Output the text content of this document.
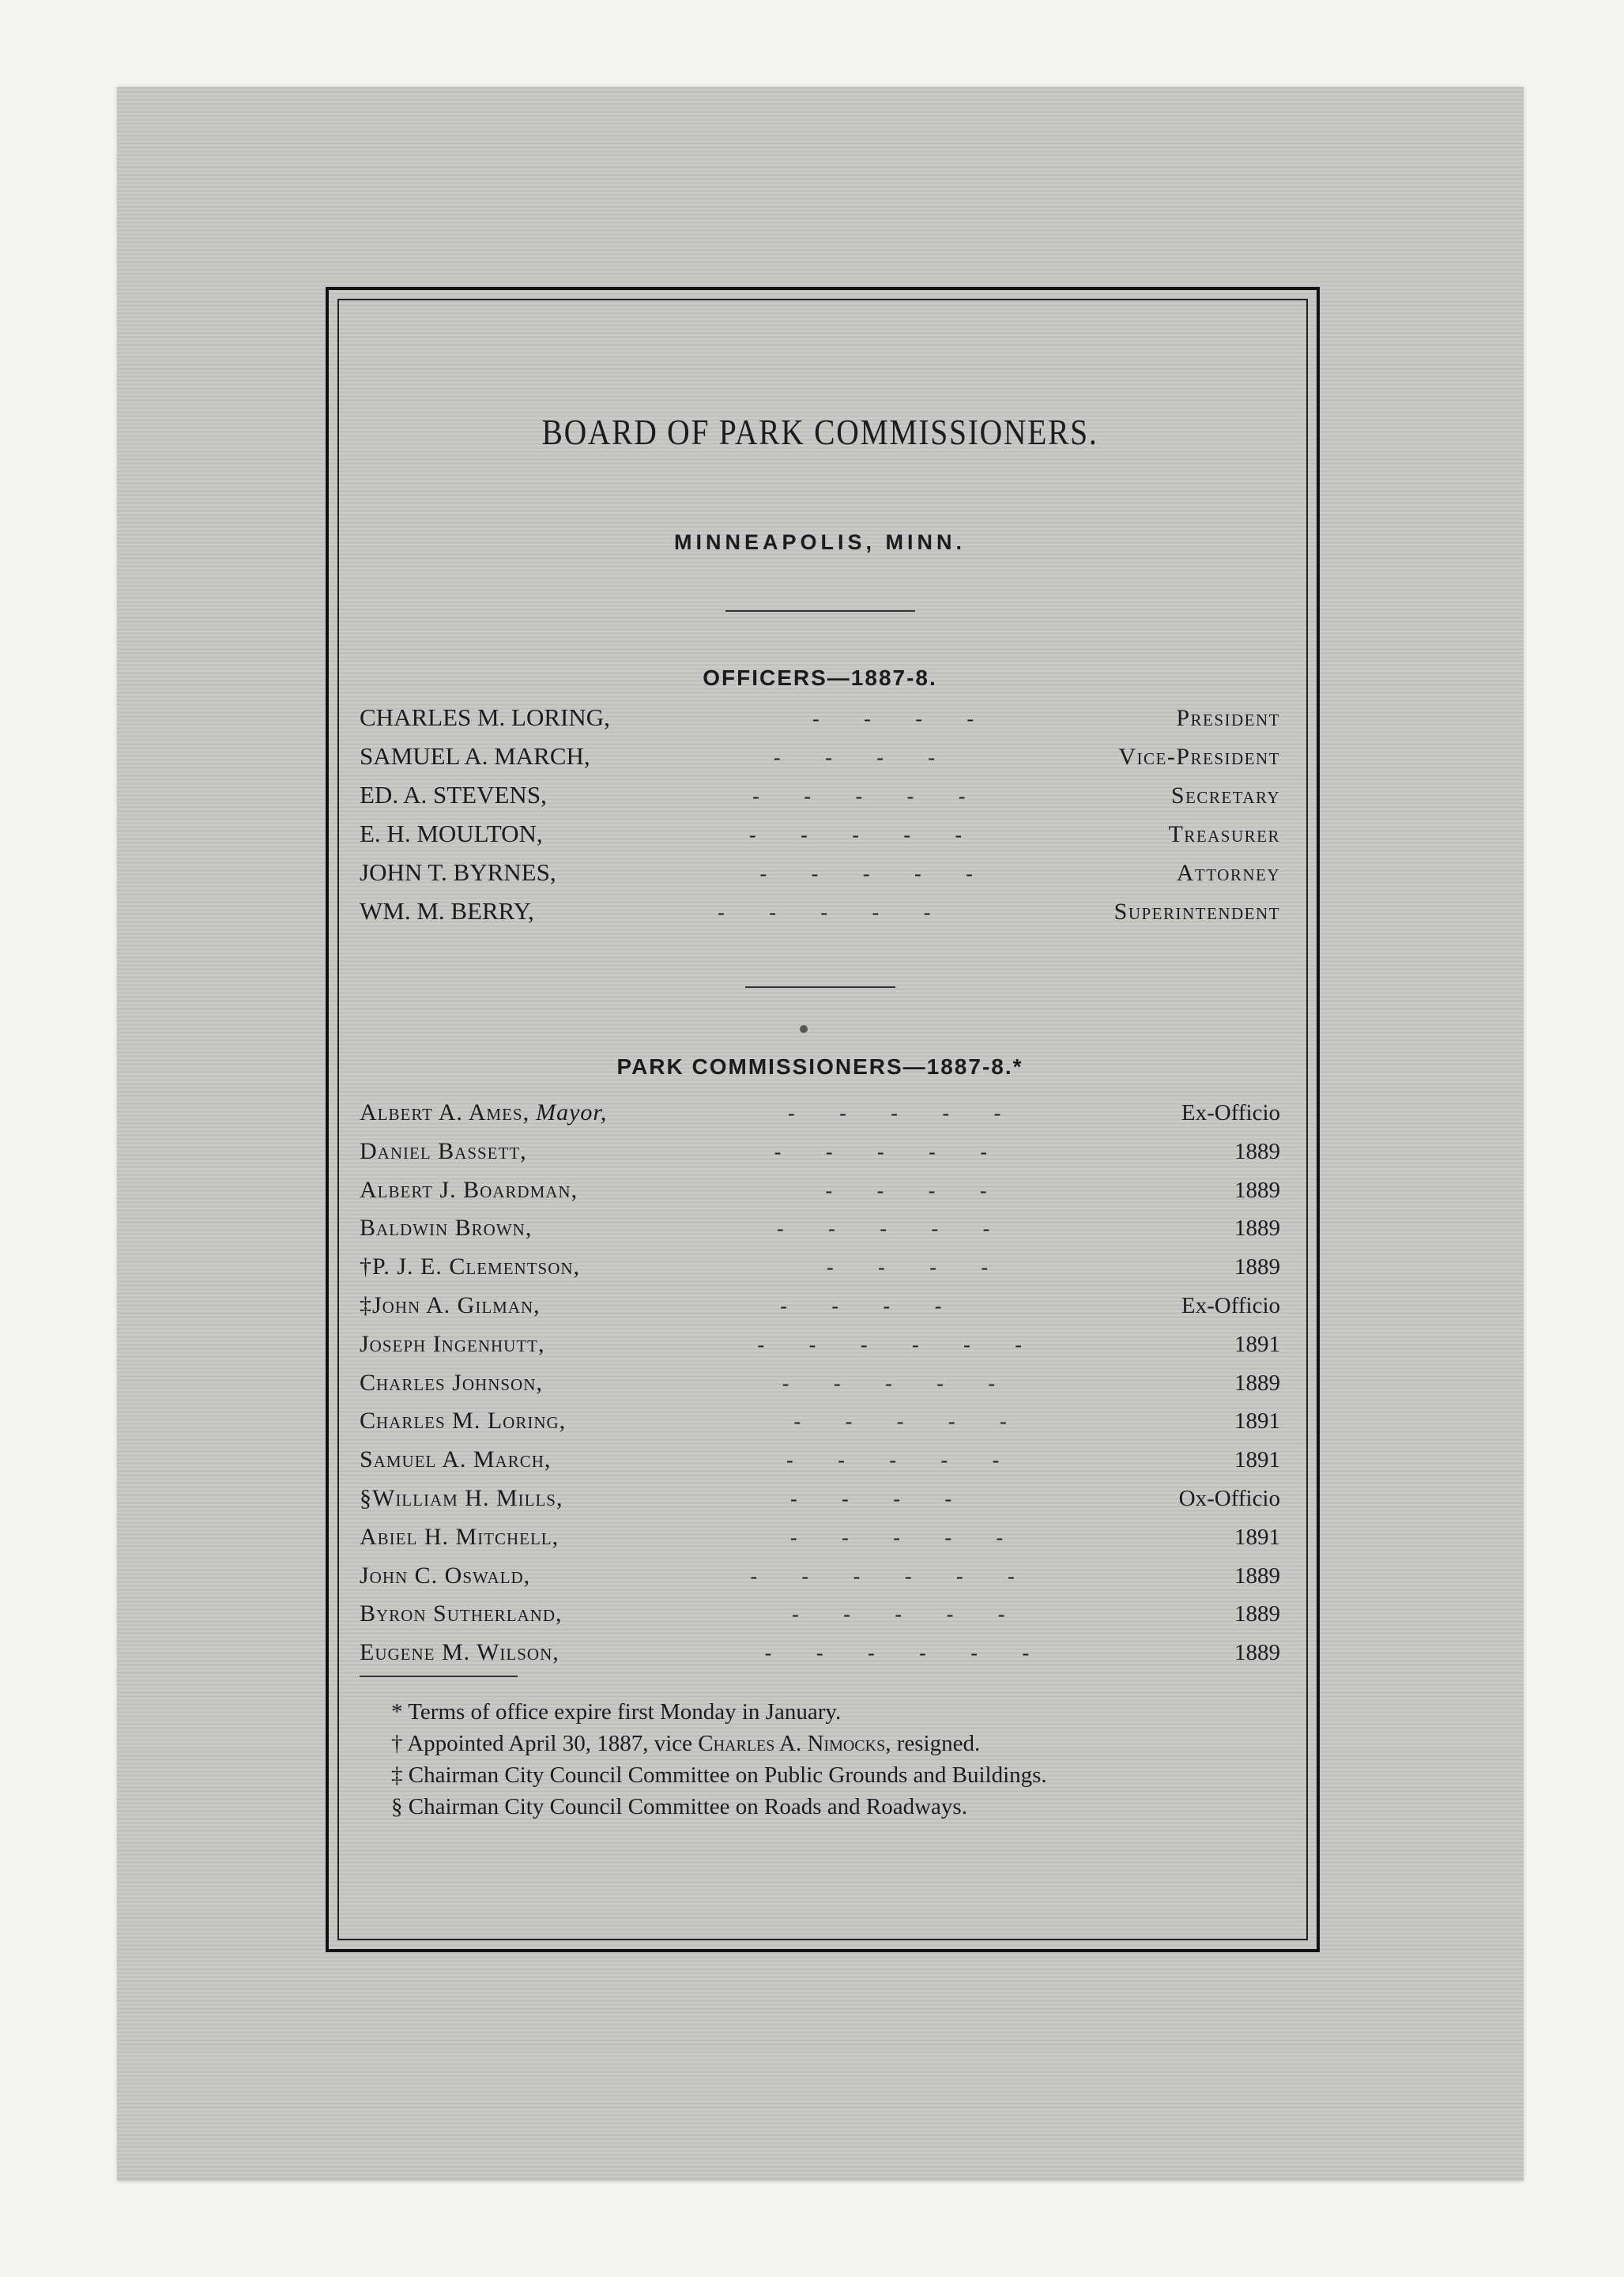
BOARD OF PARK COMMISSIONERS.
MINNEAPOLIS, MINN.
OFFICERS—1887-8.
CHARLES M. LORING,	- - - -	President
SAMUEL A. MARCH,	- - - -	Vice-President
ED. A. STEVENS,	- - - - -	Secretary
E. H. MOULTON,	- - - - -	Treasurer
JOHN T. BYRNES,	- - - - -	Attorney
WM. M. BERRY,	- - - - -	Superintendent
PARK COMMISSIONERS—1887-8.*
Albert A. Ames, Mayor,	- - - - -	Ex-Officio
Daniel Bassett,	- - - - -	1889
Albert J. Boardman,	- - - -	1889
Baldwin Brown,	- - - - -	1889
†P. J. E. Clementson,	- - - -	1889
‡John A. Gilman,	- - - -	Ex-Officio
Joseph Ingenhutt,	- - - - - -	1891
Charles Johnson,	- - - - -	1889
Charles M. Loring,	- - - - -	1891
Samuel A. March,	- - - - -	1891
§William H. Mills,	- - - -	Ox-Officio
Abiel H. Mitchell,	- - - - -	1891
John C. Oswald,	- - - - - -	1889
Byron Sutherland,	- - - - -	1889
Eugene M. Wilson,	- - - - - -	1889
* Terms of office expire first Monday in January.
† Appointed April 30, 1887, vice Charles A. Nimocks, resigned.
‡ Chairman City Council Committee on Public Grounds and Buildings.
§ Chairman City Council Committee on Roads and Roadways.
